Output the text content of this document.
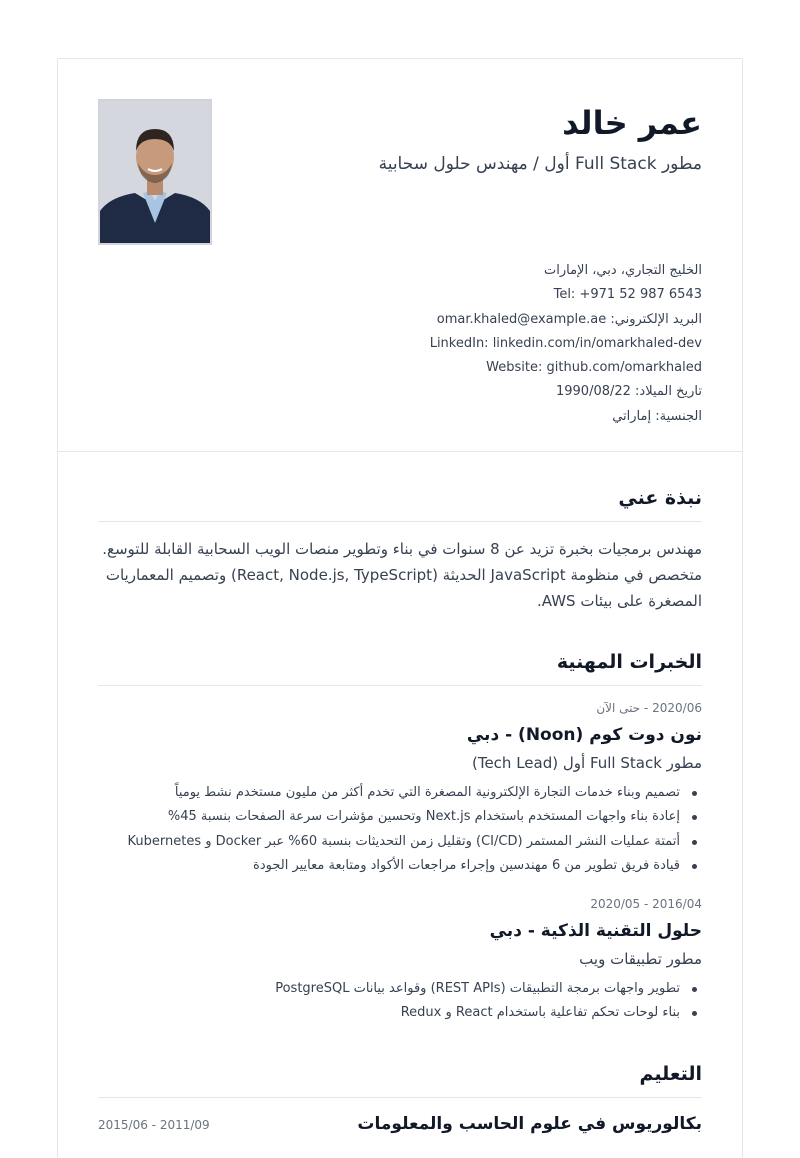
عمر خالد
مطور Full Stack أول / مهندس حلول سحابية
الخليج التجاري، دبي، الإمارات
Tel: +971 52 987 6543
البريد الإلكتروني: omar.khaled@example.ae
LinkedIn: linkedin.com/in/omarkhaled-dev
Website: github.com/omarkhaled
تاريخ الميلاد: 1990/08/22
الجنسية: إماراتي
نبذة عني

مهندس برمجيات بخبرة تزيد عن 8 سنوات في بناء وتطوير منصات الويب السحابية القابلة للتوسع. متخصص في منظومة JavaScript الحديثة (React, Node.js, TypeScript) وتصميم المعماريات المصغرة على بيئات AWS.

الخبرات المهنية
2020/06 - حتى الآن
نون دوت كوم (Noon) - دبي
مطور Full Stack أول (Tech Lead)
تصميم وبناء خدمات التجارة الإلكترونية المصغرة التي تخدم أكثر من مليون مستخدم نشط يومياً
إعادة بناء واجهات المستخدم باستخدام Next.js وتحسين مؤشرات سرعة الصفحات بنسبة 45%
أتمتة عمليات النشر المستمر (CI/CD) وتقليل زمن التحديثات بنسبة 60% عبر Docker و Kubernetes
قيادة فريق تطوير من 6 مهندسين وإجراء مراجعات الأكواد ومتابعة معايير الجودة
2016/04 - 2020/05
حلول التقنية الذكية - دبي
مطور تطبيقات ويب
تطوير واجهات برمجة التطبيقات (REST APIs) وقواعد بيانات PostgreSQL
بناء لوحات تحكم تفاعلية باستخدام React و Redux
التعليم
بكالوريوس في علوم الحاسب والمعلومات
2011/09 - 2015/06
